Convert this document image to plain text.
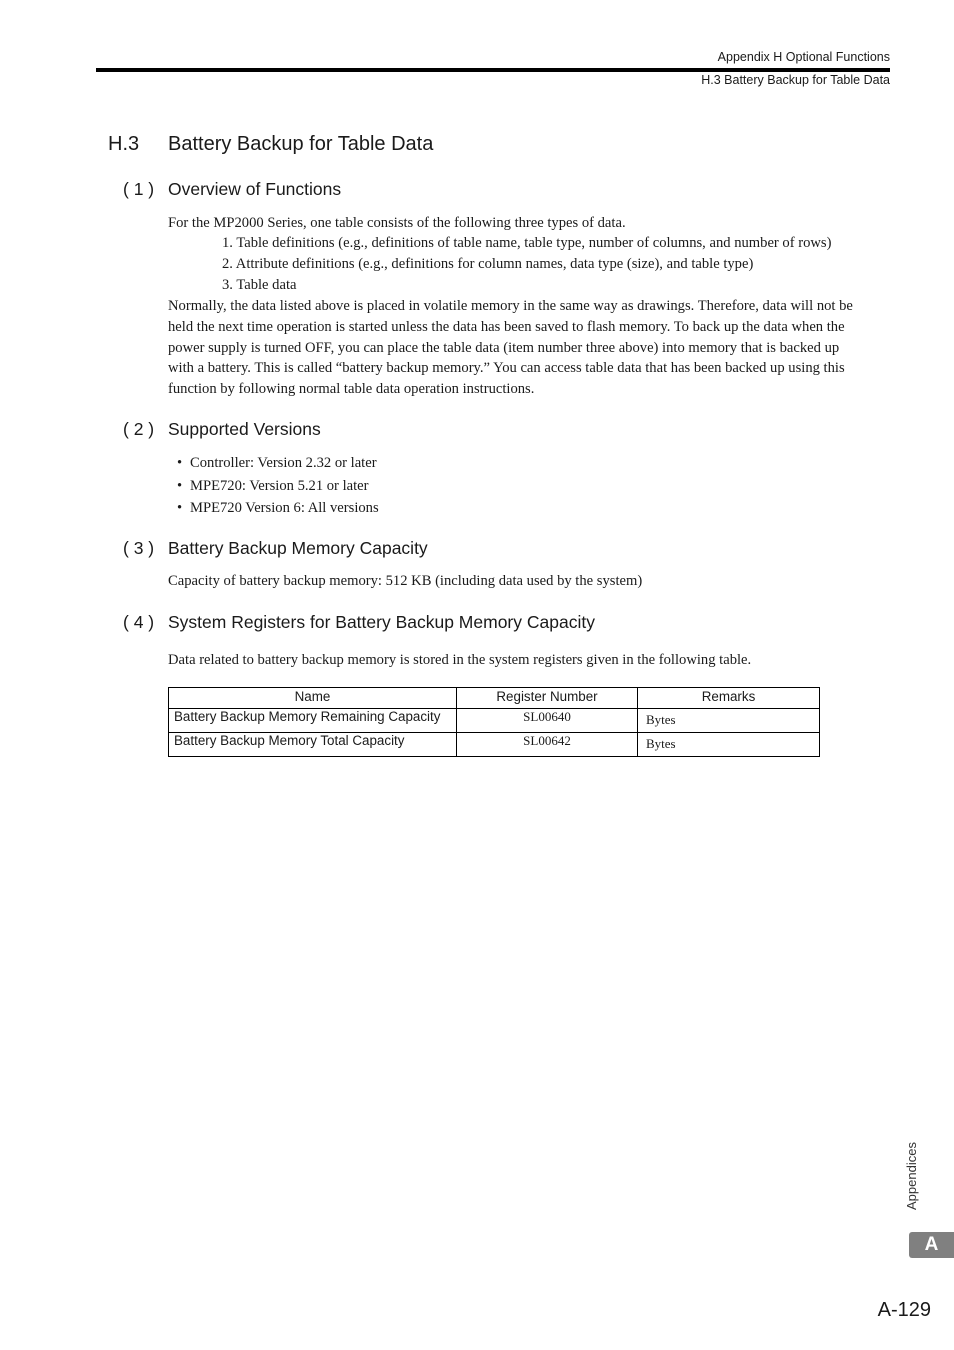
Appendix H Optional Functions
H.3 Battery Backup for Table Data
H.3 Battery Backup for Table Data
( 1 ) Overview of Functions
For the MP2000 Series, one table consists of the following three types of data.
1. Table definitions (e.g., definitions of table name, table type, number of columns, and number of rows)
2. Attribute definitions (e.g., definitions for column names, data type (size), and table type)
3. Table data
Normally, the data listed above is placed in volatile memory in the same way as drawings. Therefore, data will not be
held the next time operation is started unless the data has been saved to flash memory. To back up the data when the
power supply is turned OFF, you can place the table data (item number three above) into memory that is backed up
with a battery. This is called “battery backup memory.” You can access table data that has been backed up using this
function by following normal table data operation instructions.
( 2 ) Supported Versions
• Controller: Version 2.32 or later
• MPE720: Version 5.21 or later
• MPE720 Version 6: All versions
( 3 ) Battery Backup Memory Capacity
Capacity of battery backup memory: 512 KB (including data used by the system)
( 4 ) System Registers for Battery Backup Memory Capacity
Data related to battery backup memory is stored in the system registers given in the following table.
Name	Register Number	Remarks
Battery Backup Memory Remaining Capacity	SL00640	Bytes
Battery Backup Memory Total Capacity	SL00642	Bytes
Appendices
A
A-129
